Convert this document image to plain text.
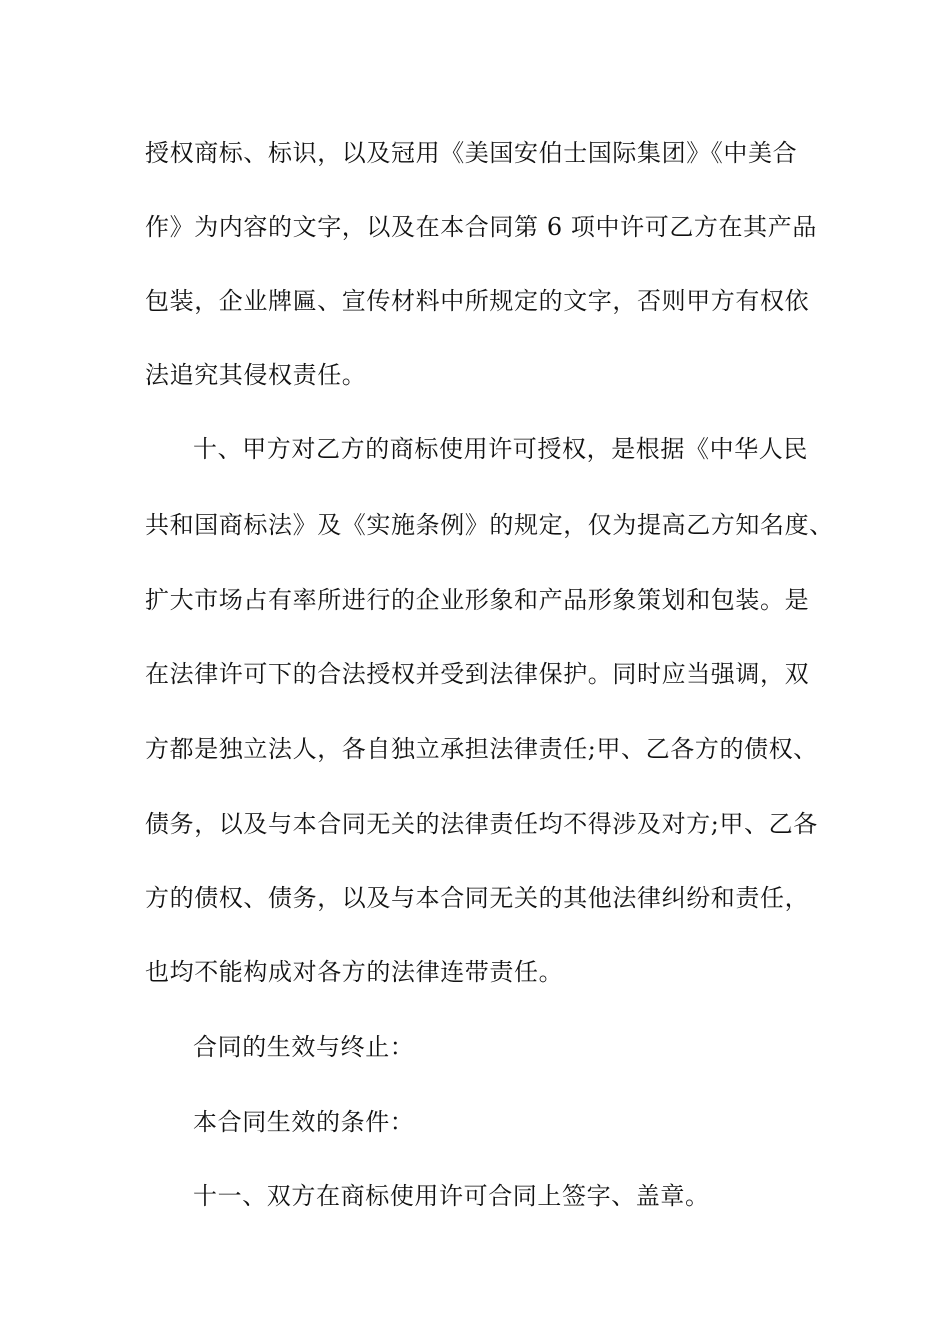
授权商标、标识，以及冠用《美国安伯士国际集团》《中美合
作》为内容的文字，以及在本合同第 6 项中许可乙方在其产品
包装，企业牌匾、宣传材料中所规定的文字，否则甲方有权依
法追究其侵权责任。
十、甲方对乙方的商标使用许可授权，是根据《中华人民
共和国商标法》及《实施条例》的规定，仅为提高乙方知名度、
扩大市场占有率所进行的企业形象和产品形象策划和包装。是
在法律许可下的合法授权并受到法律保护。同时应当强调，双
方都是独立法人，各自独立承担法律责任;甲、乙各方的债权、
债务，以及与本合同无关的法律责任均不得涉及对方;甲、乙各
方的债权、债务，以及与本合同无关的其他法律纠纷和责任，
也均不能构成对各方的法律连带责任。
合同的生效与终止：
本合同生效的条件：
十一、双方在商标使用许可合同上签字、盖章。
